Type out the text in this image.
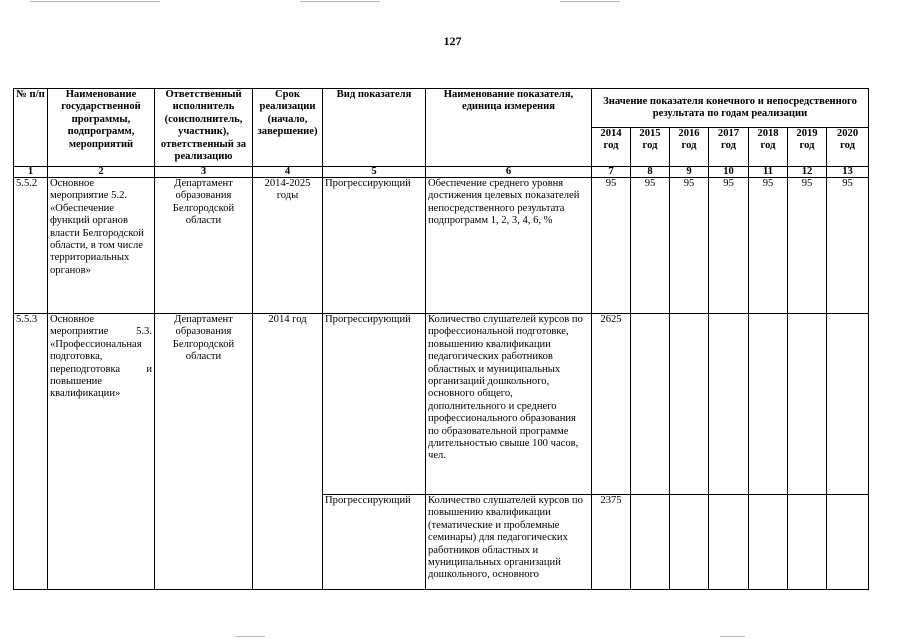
127
№ п/п	Наименование государственной программы, подпрограмм, мероприятий	Ответственный исполнитель (соисполнитель, участник), ответственный за реализацию	Срок реализации (начало, завершение)	Вид показателя	Наименование показателя, единица измерения	Значение показателя конечного и непосредственного результата по годам реализации						
						2014 год	2015 год	2016 год	2017 год	2018 год	2019 год	2020 год
1	2	3	4	5	6	7	8	9	10	11	12	13
5.5.2	Основное мероприятие 5.2. «Обеспечение функций органов власти Белгородской области, в том числе территориальных органов»	Департамент образования Белгородской области	2014-2025 годы	Прогрессирующий	Обеспечение среднего уровня достижения целевых показателей непосредственного результата подпрограмм 1, 2, 3, 4, 6, %	95	95	95	95	95	95	95
5.5.3	Основное мероприятие 5.3. «Профессиональная подготовка, переподготовка и повышение квалификации»	Департамент образования Белгородской области	2014 год	Прогрессирующий	Количество слушателей курсов по профессиональной подготовке, повышению квалификации педагогических работников областных и муниципальных организаций дошкольного, основного общего, дополнительного и среднего профессионального образования по образовательной программе длительностью свыше 100 часов, чел.	2625						
				Прогрессирующий	Количество слушателей курсов по повышению квалификации (тематические и проблемные семинары) для педагогических работников областных и муниципальных организаций дошкольного, основного	2375						
